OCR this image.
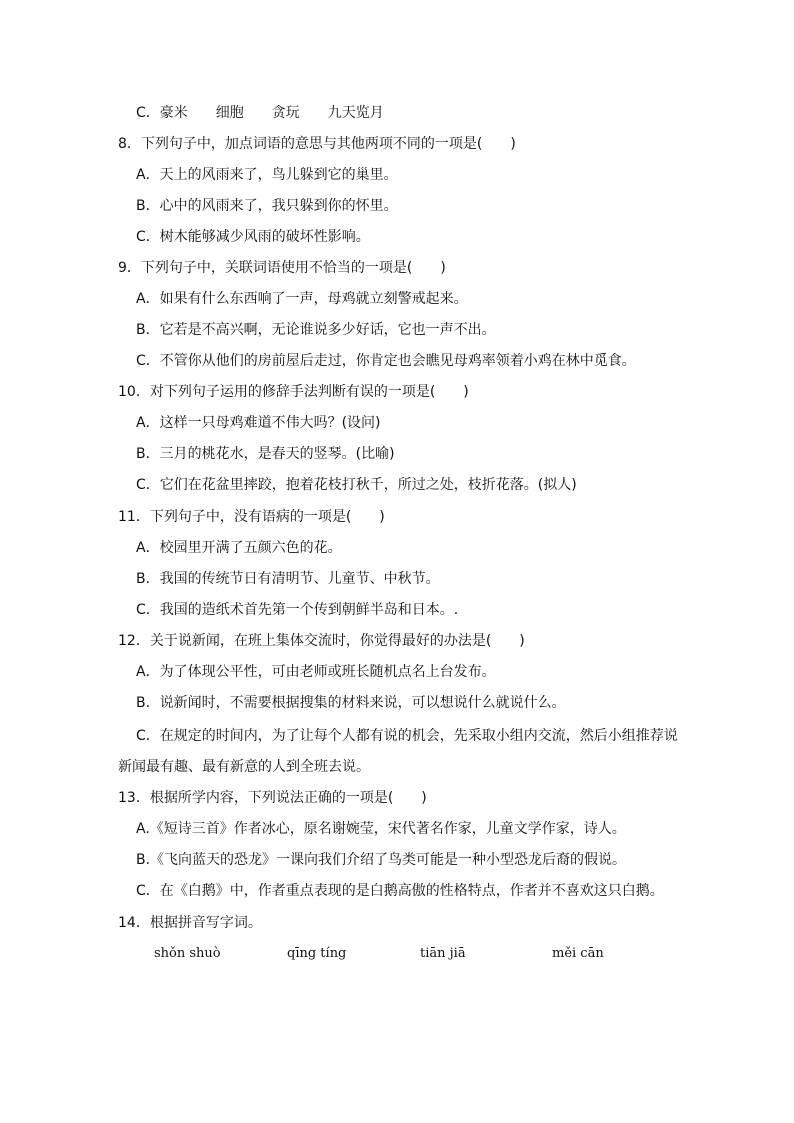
C．豪米　　细胞　　贪玩　　九天览月
8．下列句子中，加点词语的意思与其他两项不同的一项是(　　)
A．天上的风雨来了，鸟儿躲到它的巢里。
B．心中的风雨来了，我只躲到你的怀里。
C．树木能够减少风雨的破坏性影响。
9．下列句子中，关联词语使用不恰当的一项是(　　)
A．如果有什么东西响了一声，母鸡就立刻警戒起来。
B．它若是不高兴啊，无论谁说多少好话，它也一声不出。
C．不管你从他们的房前屋后走过，你肯定也会瞧见母鸡率领着小鸡在林中觅食。
10．对下列句子运用的修辞手法判断有误的一项是(　　)
A．这样一只母鸡难道不伟大吗？(设问)
B．三月的桃花水，是春天的竖琴。(比喻)
C．它们在花盆里摔跤，抱着花枝打秋千，所过之处，枝折花落。(拟人)
11．下列句子中，没有语病的一项是(　　)
A．校园里开满了五颜六色的花。
B．我国的传统节日有清明节、儿童节、中秋节。
C．我国的造纸术首先第一个传到朝鲜半岛和日本。.
12．关于说新闻，在班上集体交流时，你觉得最好的办法是(　　)
A．为了体现公平性，可由老师或班长随机点名上台发布。
B．说新闻时，不需要根据搜集的材料来说，可以想说什么就说什么。
C．在规定的时间内，为了让每个人都有说的机会，先采取小组内交流，然后小组推荐说
新闻最有趣、最有新意的人到全班去说。
13．根据所学内容，下列说法正确的一项是(　　)
A.《短诗三首》作者冰心，原名谢婉莹，宋代著名作家，儿童文学作家，诗人。
B.《飞向蓝天的恐龙》一课向我们介绍了鸟类可能是一种小型恐龙后裔的假说。
C．在《白鹅》中，作者重点表现的是白鹅高傲的性格特点，作者并不喜欢这只白鹅。
14．根据拼音写字词。
shǒn shuò	qīng tíng	tiān jiā	měi cān
